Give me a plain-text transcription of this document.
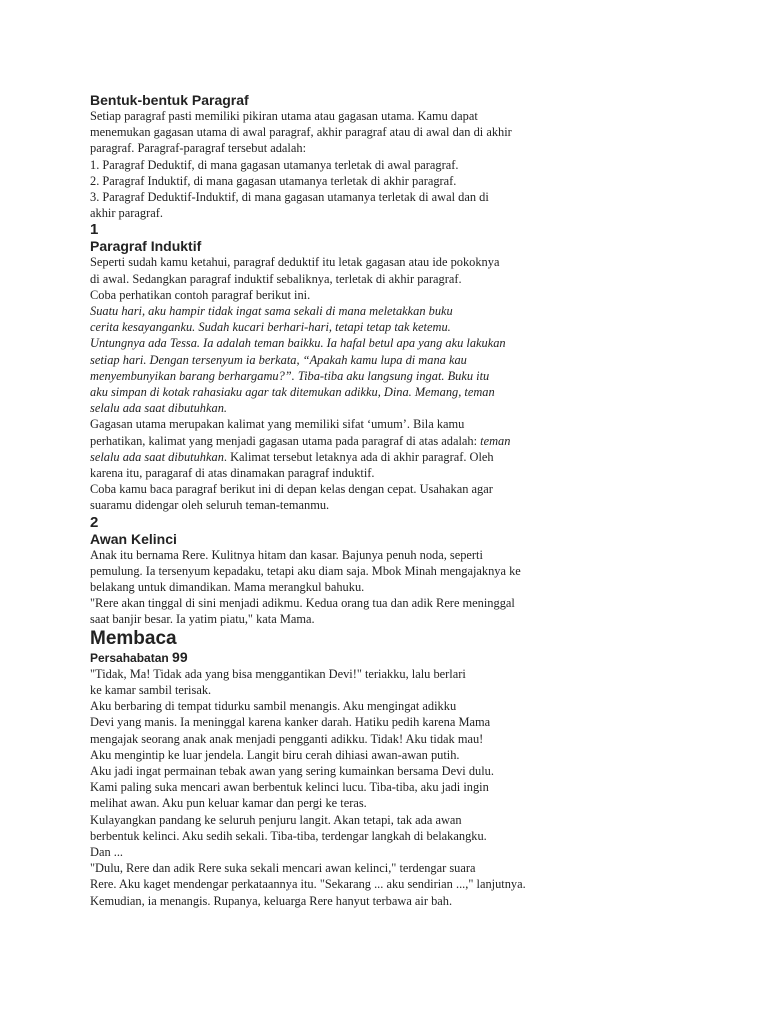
Bentuk-bentuk Paragraf

Setiap paragraf pasti memiliki pikiran utama atau gagasan utama. Kamu dapat
menemukan gagasan utama di awal paragraf, akhir paragraf atau di awal dan di akhir
paragraf. Paragraf-paragraf tersebut adalah:

1. Paragraf Deduktif, di mana gagasan utamanya terletak di awal paragraf.

2. Paragraf Induktif, di mana gagasan utamanya terletak di akhir paragraf.

3. Paragraf Deduktif-Induktif, di mana gagasan utamanya terletak di awal dan di
akhir paragraf.

1
Paragraf Induktif

Seperti sudah kamu ketahui, paragraf deduktif itu letak gagasan atau ide pokoknya
di awal. Sedangkan paragraf induktif sebaliknya, terletak di akhir paragraf.

Coba perhatikan contoh paragraf berikut ini.

Suatu hari, aku hampir tidak ingat sama sekali di mana meletakkan buku
cerita kesayanganku. Sudah kucari berhari-hari, tetapi tetap tak ketemu.
Untungnya ada Tessa. Ia adalah teman baikku. Ia hafal betul apa yang aku lakukan
setiap hari. Dengan tersenyum ia berkata, “Apakah kamu lupa di mana kau
menyembunyikan barang berhargamu?”. Tiba-tiba aku langsung ingat. Buku itu
aku simpan di kotak rahasiaku agar tak ditemukan adikku, Dina. Memang, teman
selalu ada saat dibutuhkan.

Gagasan utama merupakan kalimat yang memiliki sifat ‘umum’. Bila kamu
perhatikan, kalimat yang menjadi gagasan utama pada paragraf di atas adalah: teman
selalu ada saat dibutuhkan. Kalimat tersebut letaknya ada di akhir paragraf. Oleh
karena itu, paragaraf di atas dinamakan paragraf induktif.

Coba kamu baca paragraf berikut ini di depan kelas dengan cepat. Usahakan agar
suaramu didengar oleh seluruh teman-temanmu.

2
Awan Kelinci

Anak itu bernama Rere. Kulitnya hitam dan kasar. Bajunya penuh noda, seperti
pemulung. Ia tersenyum kepadaku, tetapi aku diam saja. Mbok Minah mengajaknya ke
belakang untuk dimandikan. Mama merangkul bahuku.

"Rere akan tinggal di sini menjadi adikmu. Kedua orang tua dan adik Rere meninggal
saat banjir besar. Ia yatim piatu," kata Mama.

Membaca
Persahabatan 99

"Tidak, Ma! Tidak ada yang bisa menggantikan Devi!" teriakku, lalu berlari
ke kamar sambil terisak.

Aku berbaring di tempat tidurku sambil menangis. Aku mengingat adikku
Devi yang manis. Ia meninggal karena kanker darah. Hatiku pedih karena Mama
mengajak seorang anak anak menjadi pengganti adikku. Tidak! Aku tidak mau!

Aku mengintip ke luar jendela. Langit biru cerah dihiasi awan-awan putih.

Aku jadi ingat permainan tebak awan yang sering kumainkan bersama Devi dulu.
Kami paling suka mencari awan berbentuk kelinci lucu. Tiba-tiba, aku jadi ingin
melihat awan. Aku pun keluar kamar dan pergi ke teras.

Kulayangkan pandang ke seluruh penjuru langit. Akan tetapi, tak ada awan
berbentuk kelinci. Aku sedih sekali. Tiba-tiba, terdengar langkah di belakangku.
Dan ...

"Dulu, Rere dan adik Rere suka sekali mencari awan kelinci," terdengar suara
Rere. Aku kaget mendengar perkataannya itu. "Sekarang ... aku sendirian ...," lanjutnya.
Kemudian, ia menangis. Rupanya, keluarga Rere hanyut terbawa air bah.
